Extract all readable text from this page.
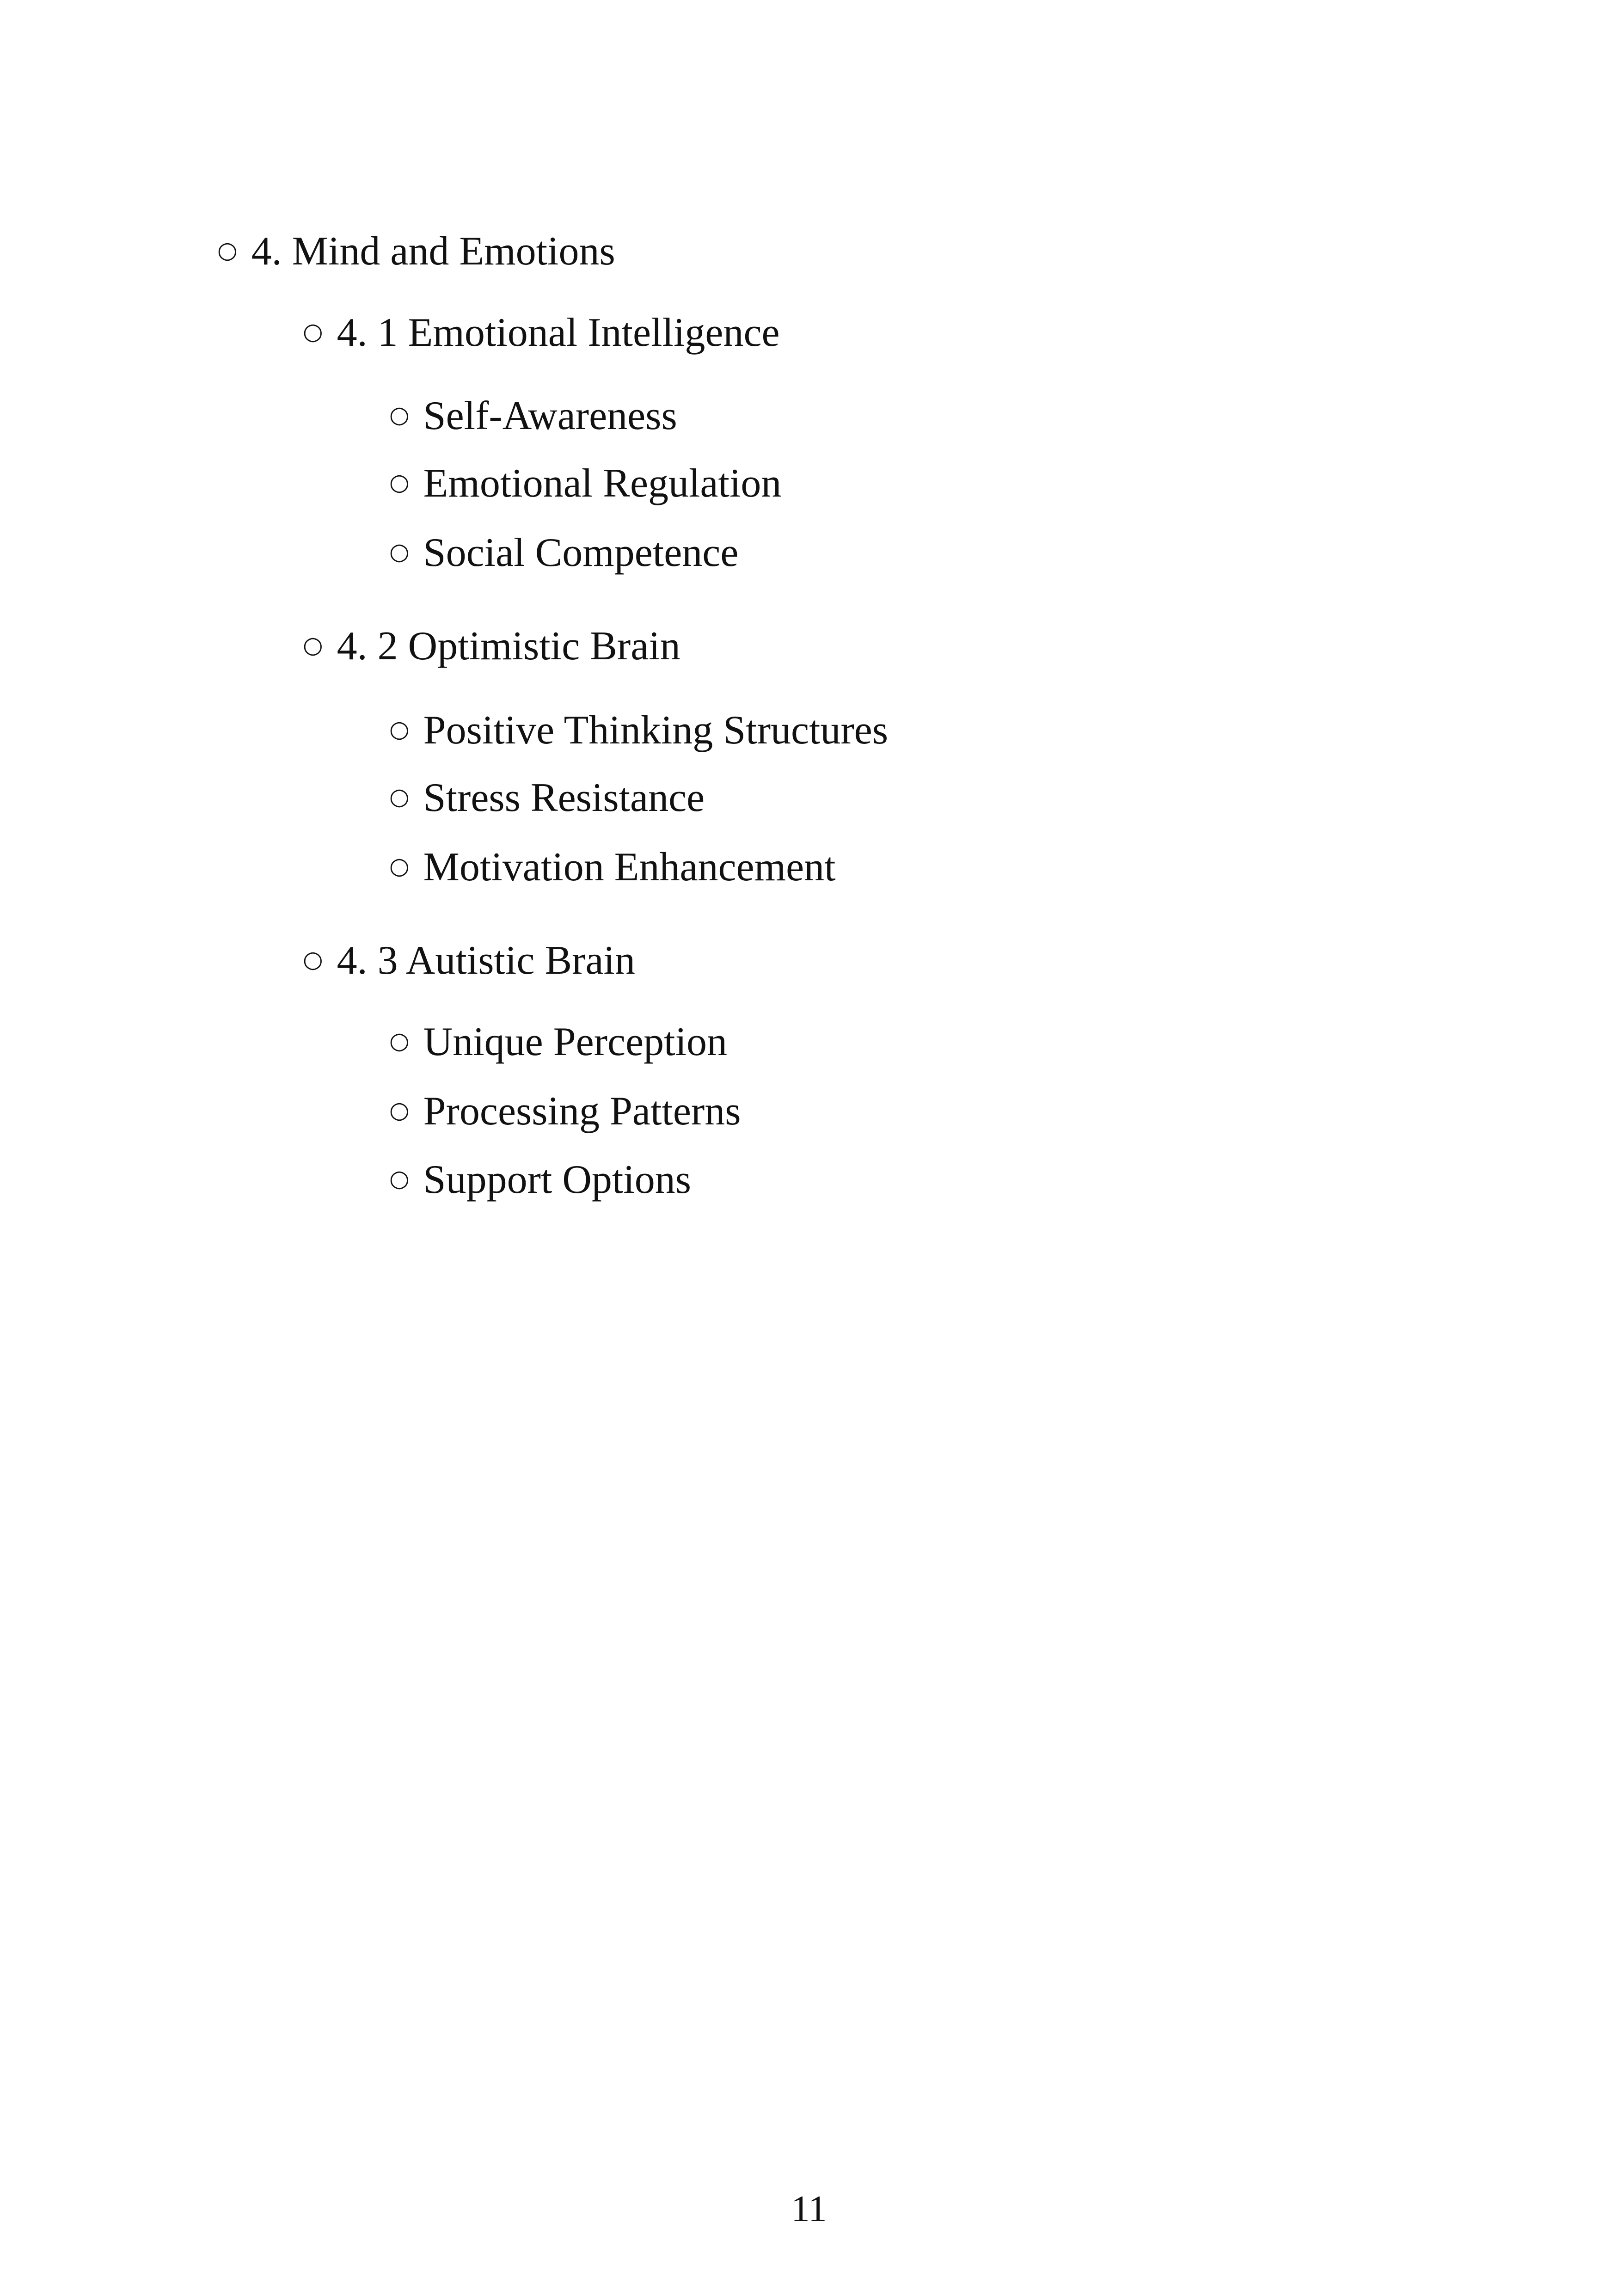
○ 4. Mind and Emotions
○ 4. 1 Emotional Intelligence
○ Self-Awareness
○ Emotional Regulation
○ Social Competence
○ 4. 2 Optimistic Brain
○ Positive Thinking Structures
○ Stress Resistance
○ Motivation Enhancement
○ 4. 3 Autistic Brain
○ Unique Perception
○ Processing Patterns
○ Support Options
11
